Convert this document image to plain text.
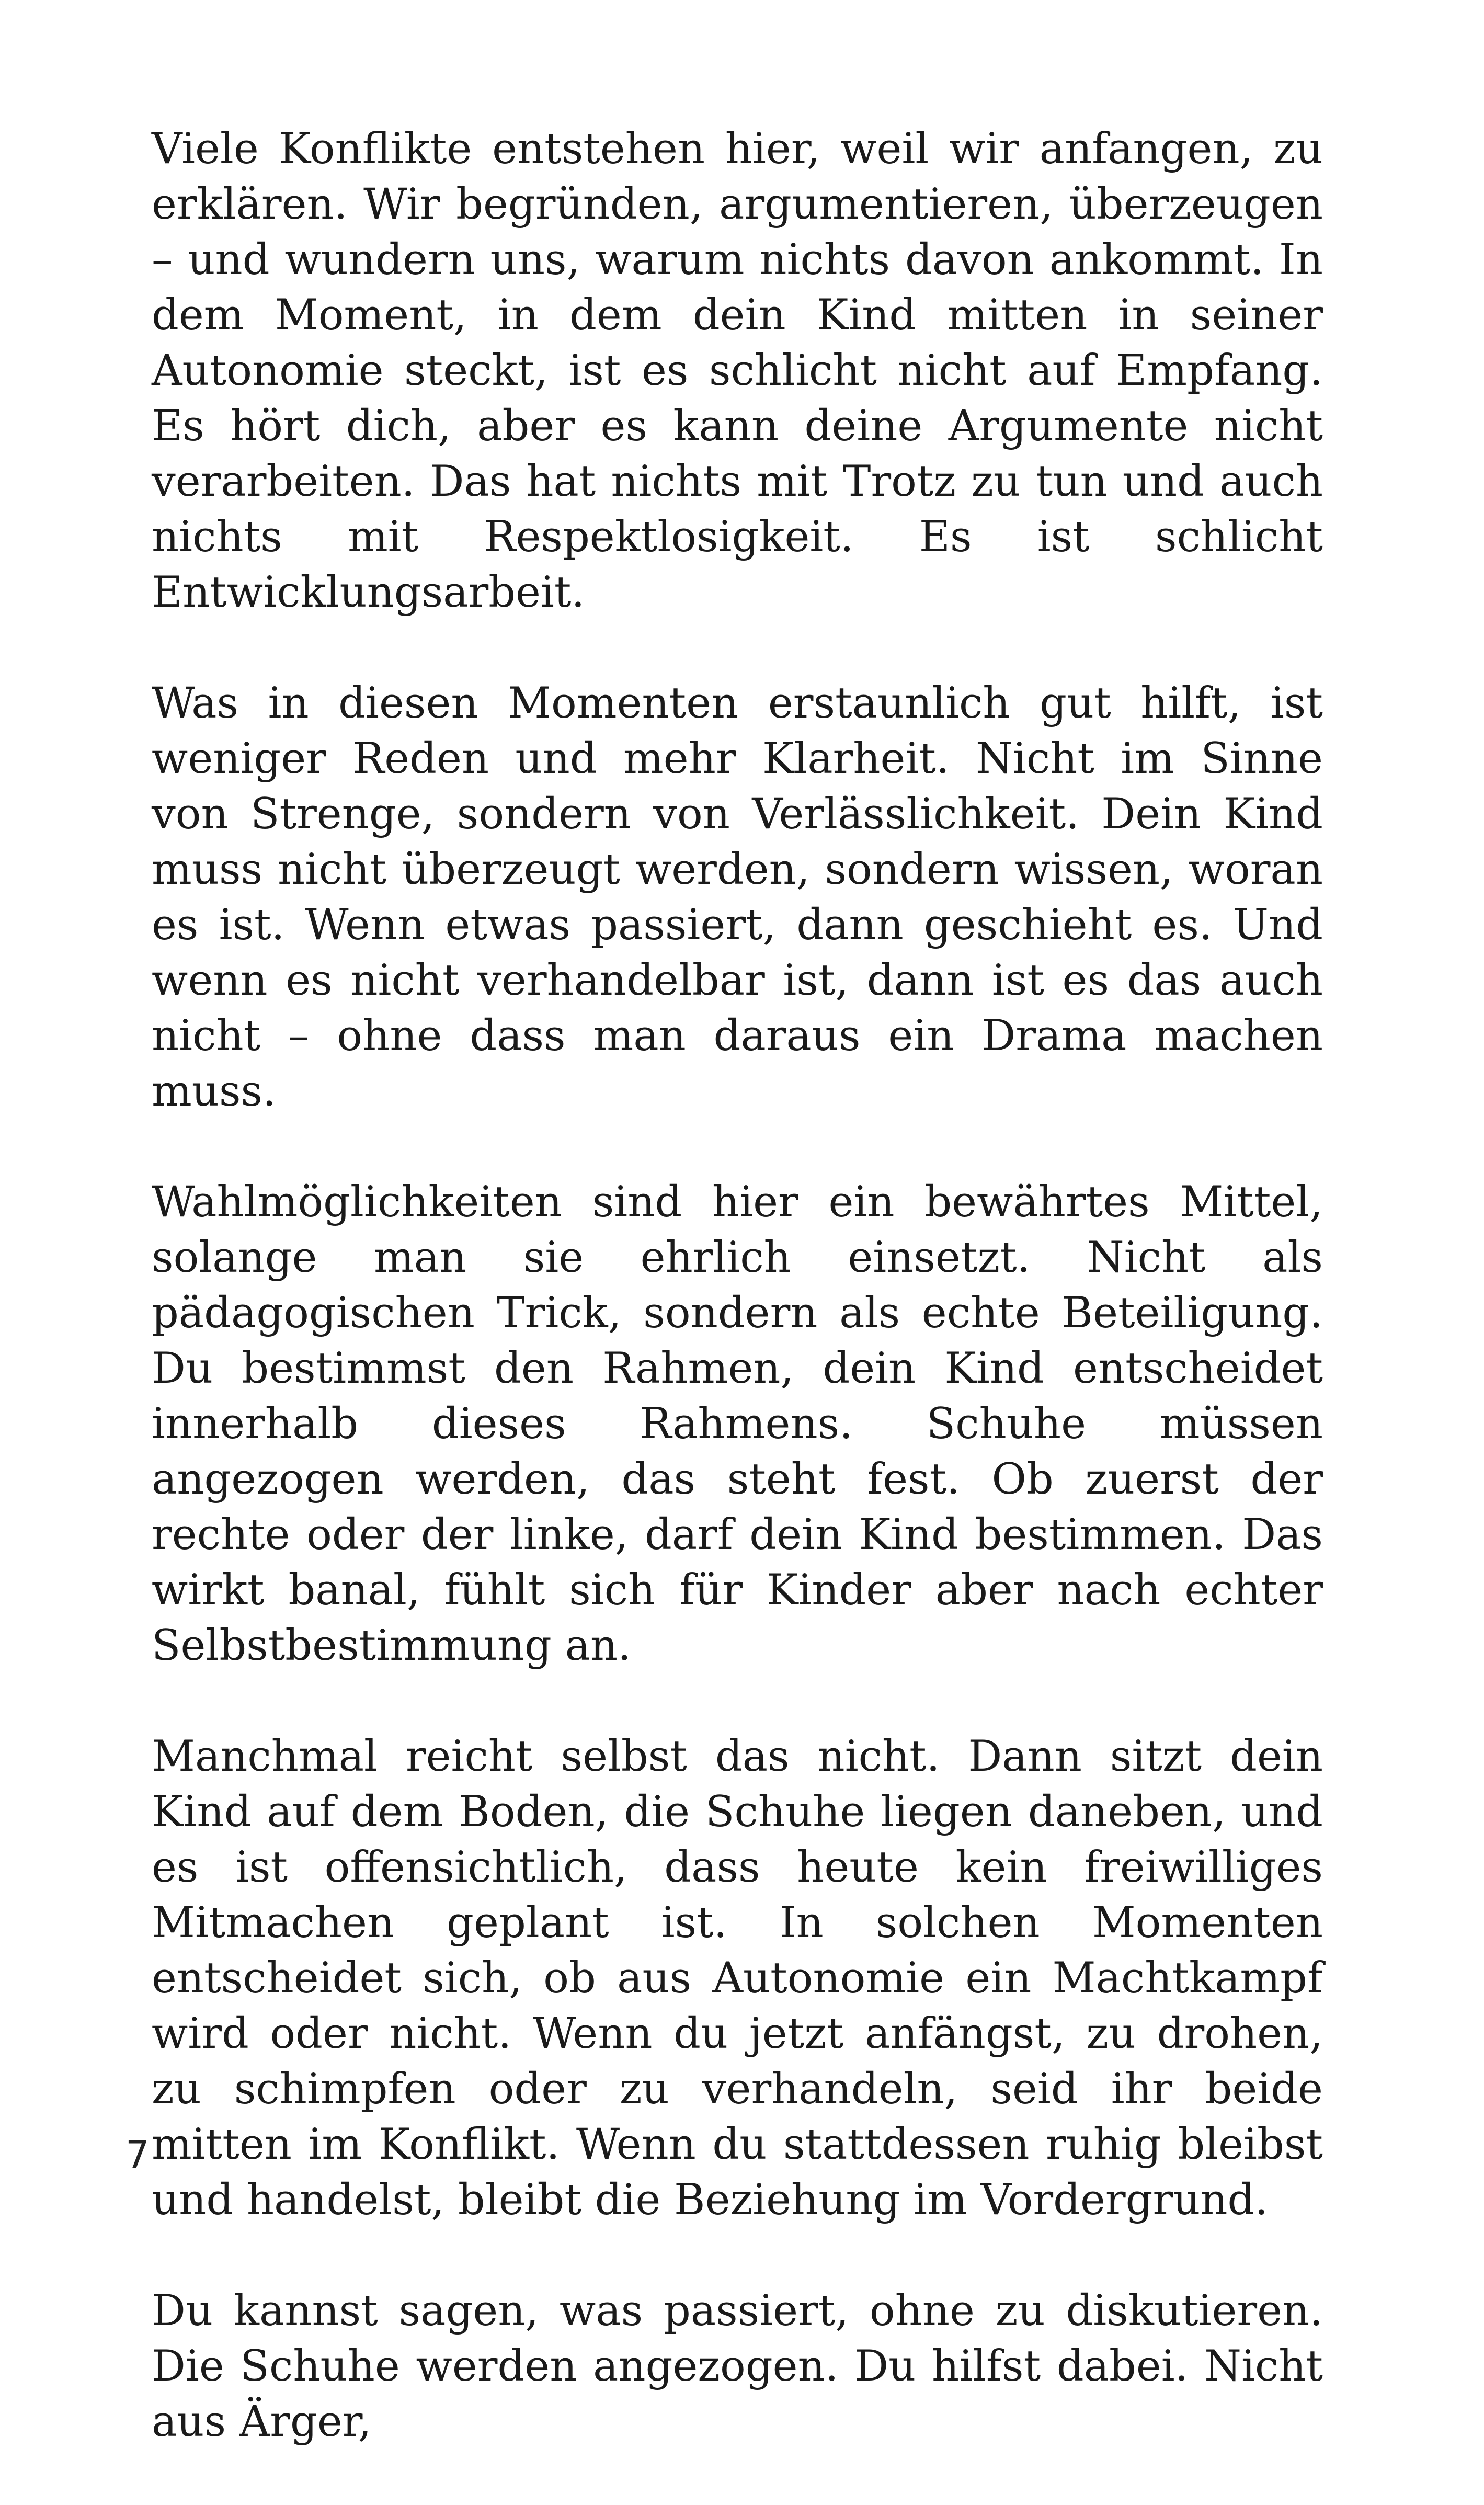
Viele Konflikte entstehen hier, weil wir anfangen, zu erklären. Wir begründen, argumentieren, überzeugen – und wundern uns, warum nichts davon ankommt. In dem Moment, in dem dein Kind mitten in seiner Autonomie steckt, ist es schlicht nicht auf Empfang. Es hört dich, aber es kann deine Argumente nicht verarbeiten. Das hat nichts mit Trotz zu tun und auch nichts mit Respektlosigkeit. Es ist schlicht Entwicklungsarbeit.

Was in diesen Momenten erstaunlich gut hilft, ist weniger Reden und mehr Klarheit. Nicht im Sinne von Strenge, sondern von Verlässlichkeit. Dein Kind muss nicht überzeugt werden, sondern wissen, woran es ist. Wenn etwas passiert, dann geschieht es. Und wenn es nicht verhandelbar ist, dann ist es das auch nicht – ohne dass man daraus ein Drama machen muss.

Wahlmöglichkeiten sind hier ein bewährtes Mittel, solange man sie ehrlich einsetzt. Nicht als pädagogischen Trick, sondern als echte Beteiligung. Du bestimmst den Rahmen, dein Kind entscheidet innerhalb dieses Rahmens. Schuhe müssen angezogen werden, das steht fest. Ob zuerst der rechte oder der linke, darf dein Kind bestimmen. Das wirkt banal, fühlt sich für Kinder aber nach echter Selbstbestimmung an.

Manchmal reicht selbst das nicht. Dann sitzt dein Kind auf dem Boden, die Schuhe liegen daneben, und es ist offensichtlich, dass heute kein freiwilliges Mitmachen geplant ist. In solchen Momenten entscheidet sich, ob aus Autonomie ein Machtkampf wird oder nicht. Wenn du jetzt anfängst, zu drohen, zu schimpfen oder zu verhandeln, seid ihr beide mitten im Konflikt. Wenn du stattdessen ruhig bleibst und handelst, bleibt die Beziehung im Vordergrund.

Du kannst sagen, was passiert, ohne zu diskutieren. Die Schuhe werden angezogen. Du hilfst dabei. Nicht aus Ärger,

7
